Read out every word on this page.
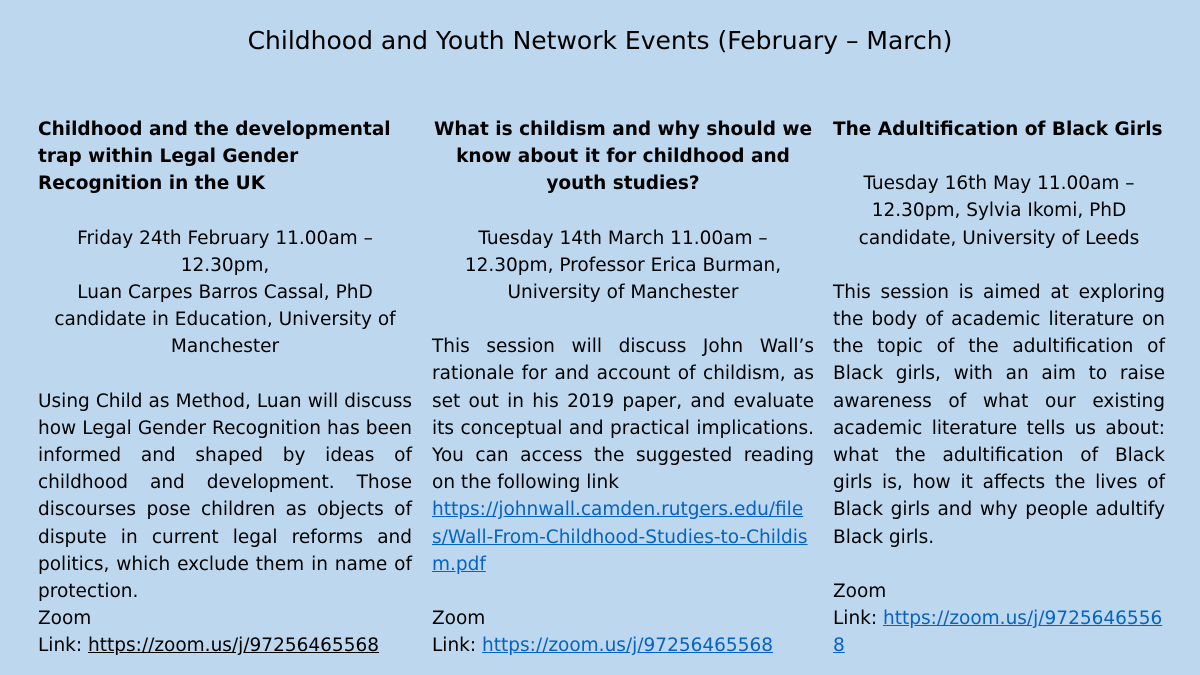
Childhood and Youth Network Events (February – March)

Childhood and the developmental trap within Legal Gender Recognition in the UK

Friday 24th February 11.00am – 12.30pm,
Luan Carpes Barros Cassal, PhD candidate in Education, University of Manchester

Using Child as Method, Luan will discuss how Legal Gender Recognition has been informed and shaped by ideas of childhood and development. Those discourses pose children as objects of dispute in current legal reforms and politics, which exclude them in name of protection.

Zoom

Link: https://zoom.us/j/97256465568

What is childism and why should we know about it for childhood and youth studies?

Tuesday 14th March 11.00am – 12.30pm, Professor Erica Burman, University of Manchester

This session will discuss John Wall’s rationale for and account of childism, as set out in his 2019 paper, and evaluate its conceptual and practical implications. You can access the suggested reading on the following link

https://johnwall.camden.rutgers.edu/files/Wall-From-Childhood-Studies-to-Childism.pdf

Zoom

Link: https://zoom.us/j/97256465568

The Adultification of Black Girls

Tuesday 16th May 11.00am – 12.30pm, Sylvia Ikomi, PhD candidate, University of Leeds

This session is aimed at exploring the body of academic literature on the topic of the adultification of Black girls, with an aim to raise awareness of what our existing academic literature tells us about: what the adultification of Black girls is, how it affects the lives of Black girls and why people adultify Black girls.

Zoom

Link: https://zoom.us/j/97256465568
